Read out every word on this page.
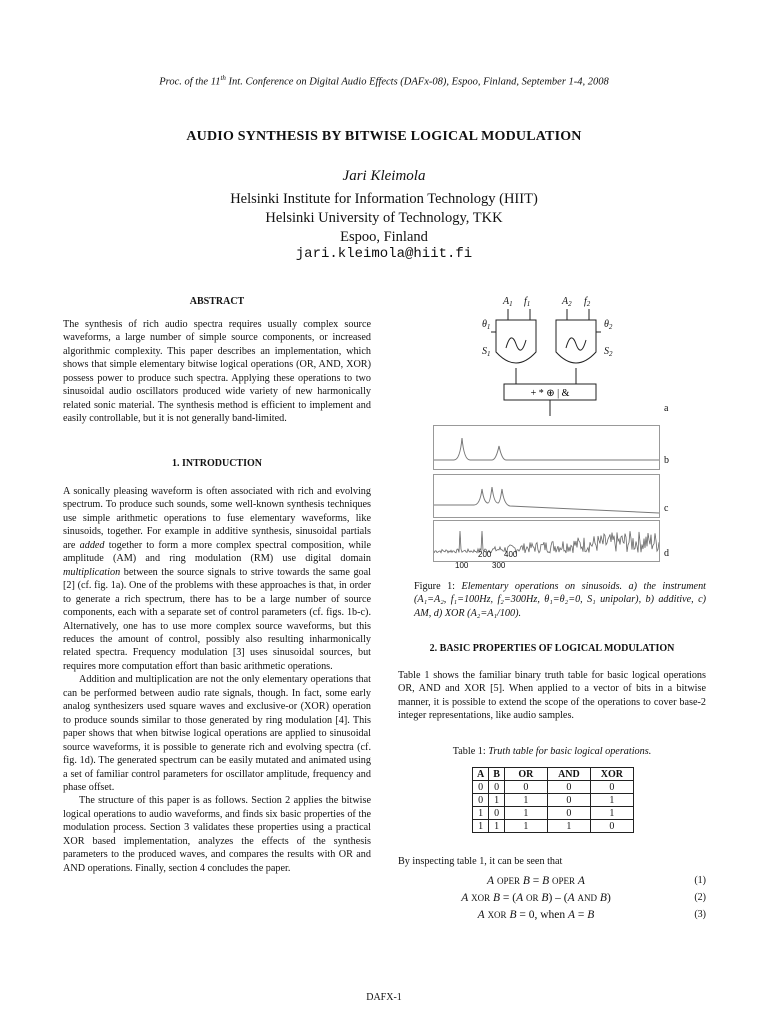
Proc. of the 11th Int. Conference on Digital Audio Effects (DAFx-08), Espoo, Finland, September 1-4, 2008
AUDIO SYNTHESIS BY BITWISE LOGICAL MODULATION
Jari Kleimola
Helsinki Institute for Information Technology (HIIT)
Helsinki University of Technology, TKK
Espoo, Finland
jari.kleimola@hiit.fi
ABSTRACT

The synthesis of rich audio spectra requires usually complex source waveforms, a large number of simple source components, or increased algorithmic complexity. This paper describes an implementation, which shows that simple elementary bitwise logical operations (OR, AND, XOR) possess power to produce such spectra. Applying these operations to two sinusoidal audio oscillators produced wide variety of new harmonically related sonic material. The synthesis method is efficient to implement and easily controllable, but it is not generally band-limited.

1. INTRODUCTION

A sonically pleasing waveform is often associated with rich and evolving spectrum. To produce such sounds, some well-known synthesis techniques use simple arithmetic operations to fuse elementary waveforms, like sinusoids, together. For example in additive synthesis, sinusoidal partials are added together to form a more complex spectral composition, while amplitude (AM) and ring modulation (RM) use digital domain multiplication between the source signals to strive towards the same goal [2] (cf. fig. 1a). One of the problems with these approaches is that, in order to generate a rich spectrum, there has to be a large number of source components, each with a separate set of control parameters (cf. figs. 1b-c). Alternatively, one has to use more complex source waveforms, but this reduces the amount of control, possibly also resulting inharmonically related spectra. Frequency modulation [3] uses sinusoidal sources, but requires more computation effort than basic arithmetic operations.

Addition and multiplication are not the only elementary operations that can be performed between audio rate signals, though. In fact, some early analog synthesizers used square waves and exclusive-or (XOR) operation to produce sounds similar to those generated by ring modulation [4]. This paper shows that when bitwise logical operations are applied to sinusoidal source waveforms, it is possible to generate rich and evolving spectra (cf. fig. 1d). The generated spectrum can be easily mutated and animated using a set of familiar control parameters for oscillator amplitude, frequency and phase offset.

The structure of this paper is as follows. Section 2 applies the bitwise logical operations to audio waveforms, and finds six basic properties of the modulation process. Section 3 validates these properties using a practical XOR based implementation, analyzes the effects of the synthesis parameters to the produced waves, and compares the results with OR and AND operations. Finally, section 4 concludes the paper.

$A_1$ $f_1$	$A_2$ $f_2$
$\theta_1$
$S_1$
$\theta_2$
$S_2$
+ * ⊕ | &
a
b
c
d
200 400
100	300
Figure 1: Elementary operations on sinusoids. a) the instrument (A₁=A₂, f₁=100Hz, f₂=300Hz, θ₁=θ₂=0, S₁ unipolar), b) additive, c) AM, d) XOR (A₂=A₁/100).
2. BASIC PROPERTIES OF LOGICAL MODULATION

Table 1 shows the familiar binary truth table for basic logical operations OR, AND and XOR [5]. When applied to a vector of bits in a bitwise manner, it is possible to extend the scope of the operations to cover base-2 integer representations, like audio samples.

Table 1: Truth table for basic logical operations.
A	B	OR	AND	XOR
0	0	0	0	0
0	1	1	0	1
1	0	1	0	1
1	1	1	1	0
By inspecting table 1, it can be seen that
A OPER B = B OPER A	(1)
A XOR B = (A OR B) – (A AND B)	(2)
A XOR B = 0, when A = B	(3)
DAFX-1
